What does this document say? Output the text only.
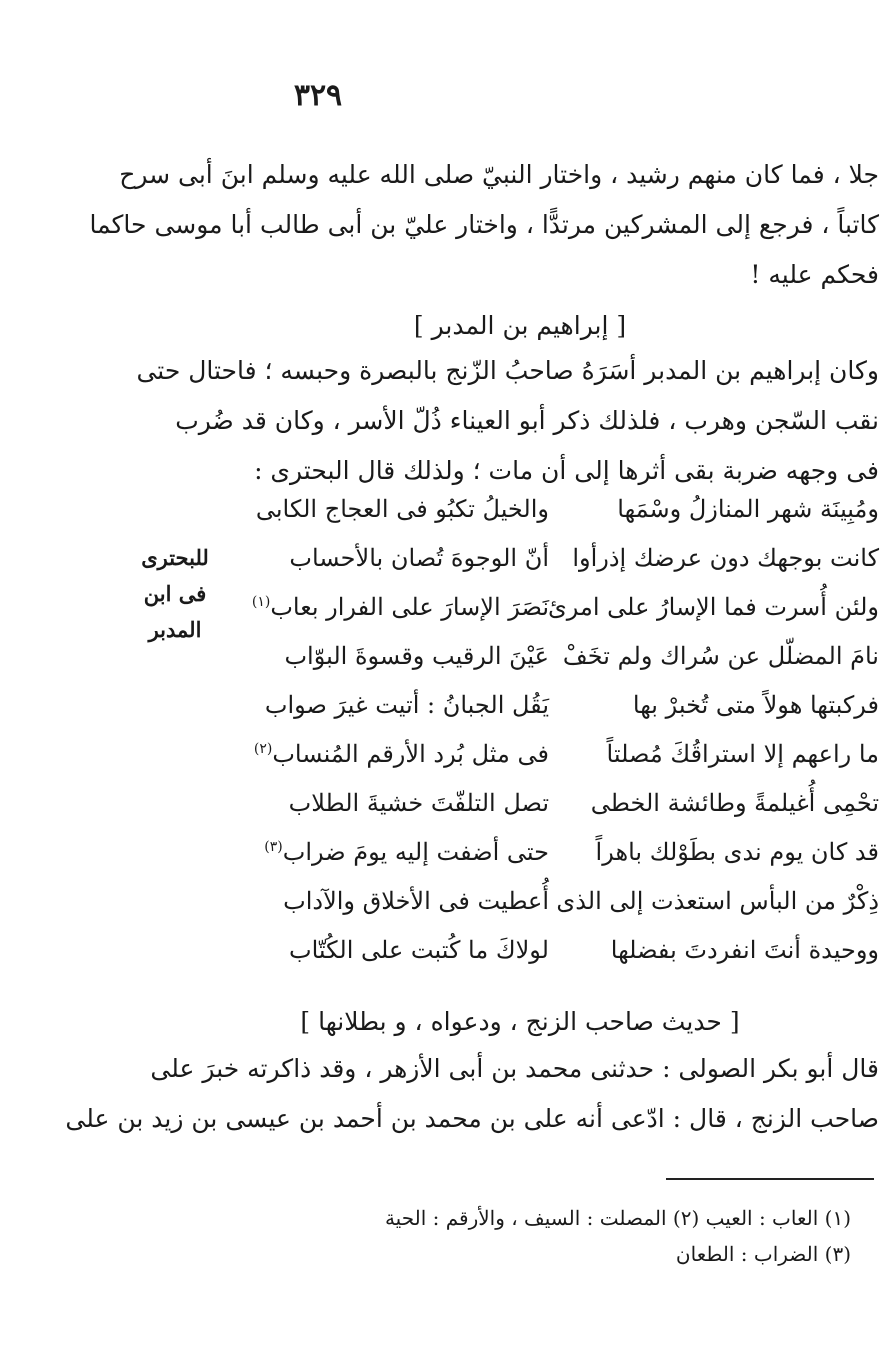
٣٢٩
جلا ، فما كان منهم رشيد ، واختار النبيّ صلى الله عليه وسلم ابنَ أبى سرح
كاتباً ، فرجع إلى المشركين مرتدًّا ، واختار عليّ بن أبى طالب أبا موسى حاكما
فحكم عليه !
[ إبراهيم بن المدبر ]
وكان إبراهيم بن المدبر أسَرَهُ صاحبُ الزّنج بالبصرة وحبسه ؛ فاحتال حتى
نقب السّجن وهرب ، فلذلك ذكر أبو العيناء ذُلّ الأسر ، وكان قد ضُرب
فى وجهه ضربة بقى أثرها إلى أن مات ؛ ولذلك قال البحترى :
للبحترى فى ابن المدبر
ومُبِينَة شهر المنازلُ وسْمَها
والخيلُ تكبُو فى العجاج الكابى
كانت بوجهك دون عرضك إذرأوا
أنّ الوجوهَ تُصان بالأحساب
ولئن أُسرت فما الإسارُ على امرئ
نَصَرَ الإسارَ على الفرار بعاب$^{(١)}$
نامَ المضلّل عن سُراك ولم تخَفْ
عَيْنَ الرقيب وقسوةَ البوّاب
فركبتها هولاً متى تُخبرْ بها
يَقُل الجبانُ : أتيت غيرَ صواب
ما راعهم إلا استراقُكَ مُصلتاً
فى مثل بُرد الأرقم المُنساب$^{(٢)}$
تحْمِى أُغيلمةً وطائشة الخطى
تصل التلفّتَ خشيةَ الطلاب
قد كان يوم ندى بطَوْلك باهراً
حتى أضفت إليه يومَ ضراب$^{(٣)}$
ذِكْرٌ من البأس استعذت إلى الذى
أُعطيت فى الأخلاق والآداب
ووحيدة أنتَ انفردتَ بفضلها
لولاكَ ما كُتبت على الكُتّاب
[ حديث صاحب الزنج ، ودعواه ، و بطلانها ]
قال أبو بكر الصولى : حدثنى محمد بن أبى الأزهر ، وقد ذاكرته خبرَ على
صاحب الزنج ، قال : ادّعى أنه على بن محمد بن أحمد بن عيسى بن زيد بن على
(١) العاب : العيب (٢) المصلت : السيف ، والأرقم : الحية
(٣) الضراب : الطعان
